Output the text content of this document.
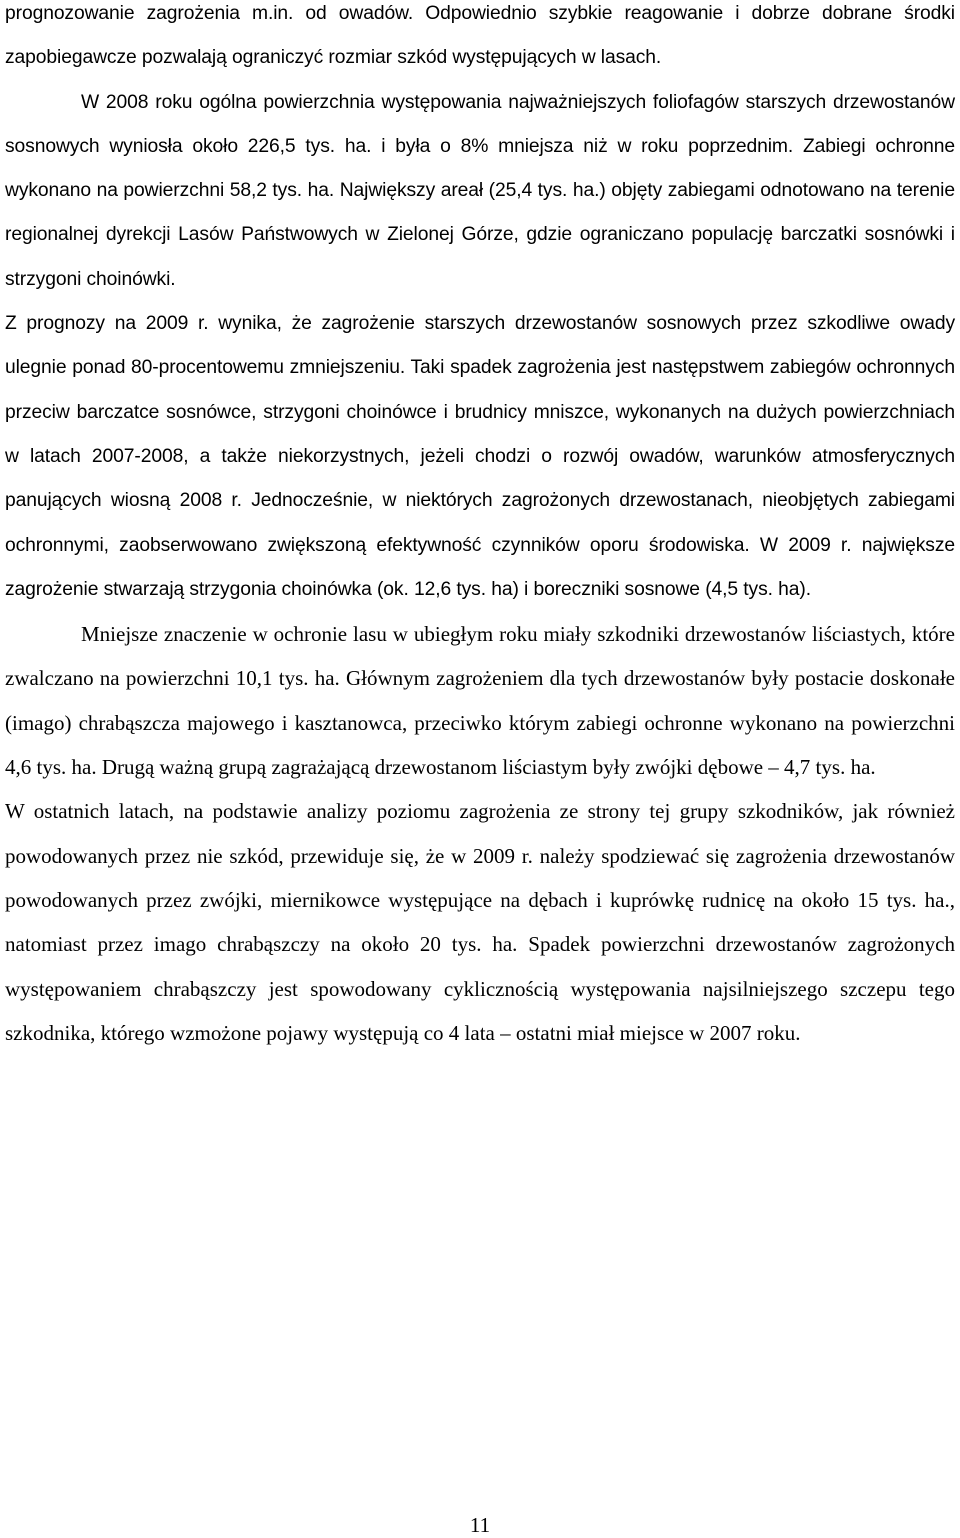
prognozowanie zagrożenia m.in. od owadów. Odpowiednio szybkie reagowanie i dobrze dobrane środki zapobiegawcze pozwalają ograniczyć rozmiar szkód występujących w lasach.

W 2008 roku ogólna powierzchnia występowania najważniejszych foliofagów starszych drzewostanów sosnowych wyniosła około 226,5 tys. ha. i była o 8% mniejsza niż w roku poprzednim. Zabiegi ochronne wykonano na powierzchni 58,2 tys. ha. Największy areał (25,4 tys. ha.) objęty zabiegami odnotowano na terenie regionalnej dyrekcji Lasów Państwowych w Zielonej Górze, gdzie ograniczano populację barczatki sosnówki i strzygoni choinówki.

Z prognozy na 2009 r. wynika, że zagrożenie starszych drzewostanów sosnowych przez szkodliwe owady ulegnie ponad 80-procentowemu zmniejszeniu. Taki spadek zagrożenia jest następstwem zabiegów ochronnych przeciw barczatce sosnówce, strzygoni choinówce i brudnicy mniszce, wykonanych na dużych powierzchniach w latach 2007-2008, a także niekorzystnych, jeżeli chodzi o rozwój owadów, warunków atmosferycznych panujących wiosną 2008 r. Jednocześnie, w niektórych zagrożonych drzewostanach, nieobjętych zabiegami ochronnymi, zaobserwowano zwiększoną efektywność czynników oporu środowiska. W 2009 r. największe zagrożenie stwarzają strzygonia choinówka (ok. 12,6 tys. ha) i boreczniki sosnowe (4,5 tys. ha).

Mniejsze znaczenie w ochronie lasu w ubiegłym roku miały szkodniki drzewostanów liściastych, które zwalczano na powierzchni 10,1 tys. ha. Głównym zagrożeniem dla tych drzewostanów były postacie doskonałe (imago) chrabąszcza majowego i kasztanowca, przeciwko którym zabiegi ochronne wykonano na powierzchni 4,6 tys. ha. Drugą ważną grupą zagrażającą drzewostanom liściastym były zwójki dębowe – 4,7 tys. ha.

W ostatnich latach, na podstawie analizy poziomu zagrożenia ze strony tej grupy szkodników, jak również powodowanych przez nie szkód, przewiduje się, że w 2009 r. należy spodziewać się zagrożenia drzewostanów powodowanych przez zwójki, miernikowce występujące na dębach i kuprówkę rudnicę na około 15 tys. ha., natomiast przez imago chrabąszczy na około 20 tys. ha. Spadek powierzchni drzewostanów zagrożonych występowaniem chrabąszczy jest spowodowany cyklicznością występowania najsilniejszego szczepu tego szkodnika, którego wzmożone pojawy występują co 4 lata – ostatni miał miejsce w 2007 roku.

11
